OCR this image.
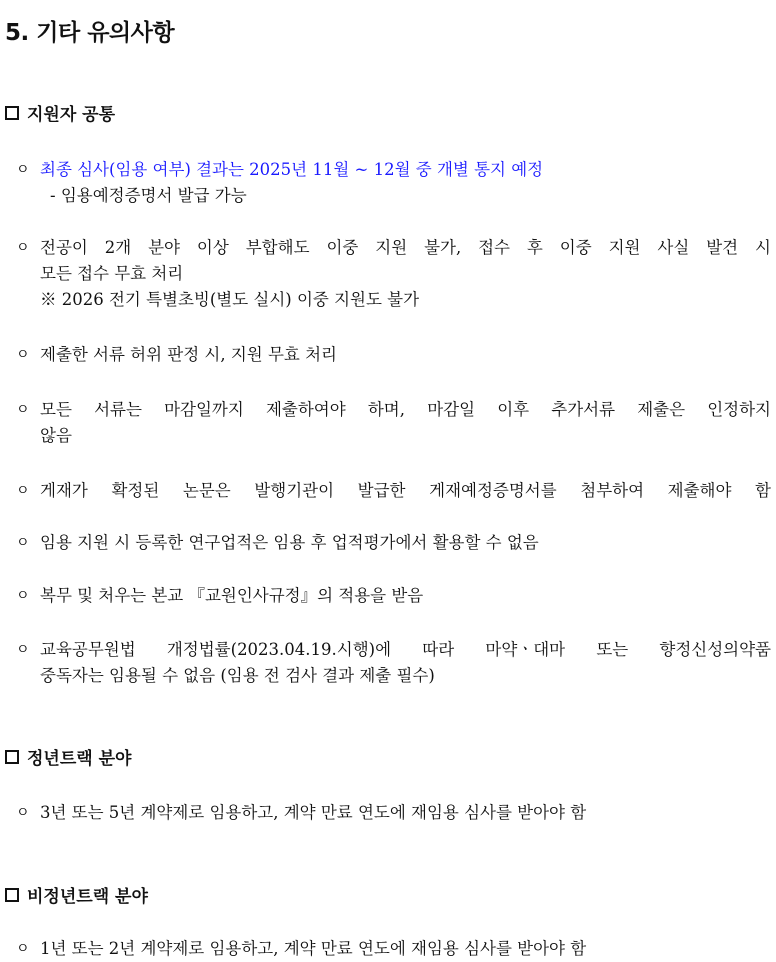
5. 기타 유의사항
지원자 공통
ㅇ 최종 심사(임용 여부) 결과는 2025년 11월 ~ 12월 중 개별 통지 예정
- 임용예정증명서 발급 가능
ㅇ 전공이 2개 분야 이상 부합해도 이중 지원 불가, 접수 후 이중 지원 사실 발견 시
모든 접수 무효 처리
※ 2026 전기 특별초빙(별도 실시) 이중 지원도 불가
ㅇ 제출한 서류 허위 판정 시, 지원 무효 처리
ㅇ 모든 서류는 마감일까지 제출하여야 하며, 마감일 이후 추가서류 제출은 인정하지
않음
ㅇ 게재가 확정된 논문은 발행기관이 발급한 게재예정증명서를 첨부하여 제출해야 함
ㅇ 임용 지원 시 등록한 연구업적은 임용 후 업적평가에서 활용할 수 없음
ㅇ 복무 및 처우는 본교 『교원인사규정』의 적용을 받음
ㅇ 교육공무원법 개정법률(2023.04.19.시행)에 따라 마약ㆍ대마 또는 향정신성의약품
중독자는 임용될 수 없음 (임용 전 검사 결과 제출 필수)
정년트랙 분야
ㅇ 3년 또는 5년 계약제로 임용하고, 계약 만료 연도에 재임용 심사를 받아야 함
비정년트랙 분야
ㅇ 1년 또는 2년 계약제로 임용하고, 계약 만료 연도에 재임용 심사를 받아야 함
